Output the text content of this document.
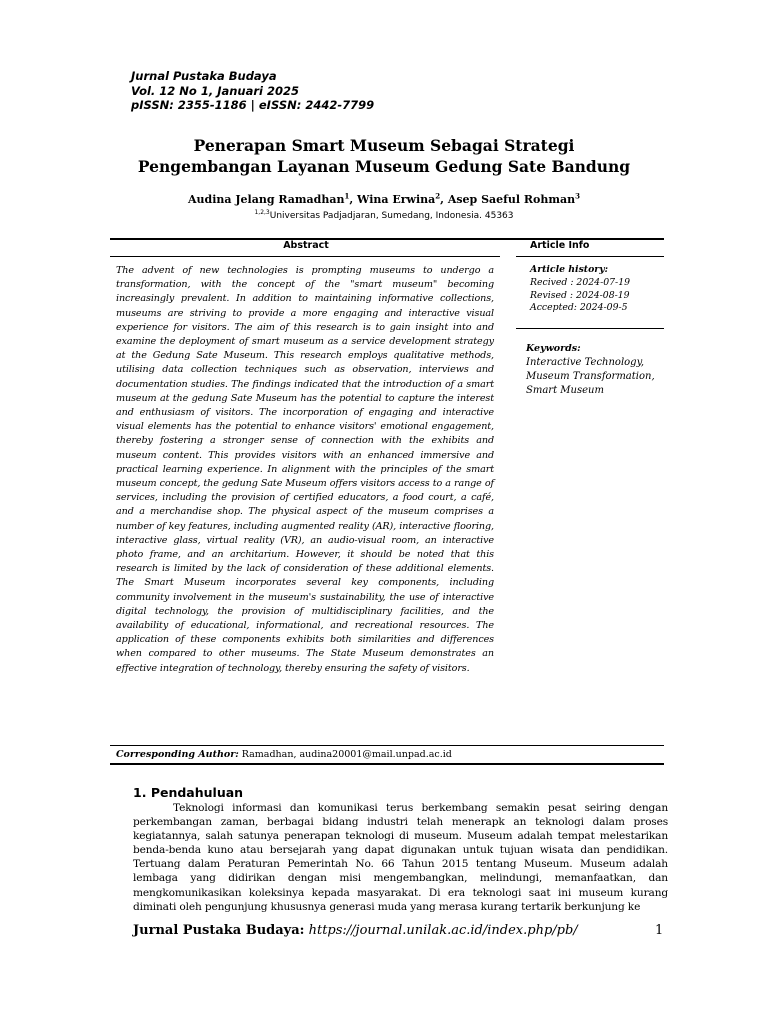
Jurnal Pustaka Budaya
Vol. 12 No 1, Januari 2025
pISSN: 2355-1186 | eISSN: 2442-7799
Penerapan Smart Museum Sebagai Strategi
Pengembangan Layanan Museum Gedung Sate Bandung
Audina Jelang Ramadhan$^1$, Wina Erwina$^2$, Asep Saeful Rohman$^3$
$^{1,2,3}$Universitas Padjadjaran, Sumedang, Indonesia. 45363
Abstract	Article Info
The advent of new technologies is prompting museums to undergo a transformation, with the concept of the "smart museum" becoming increasingly prevalent. In addition to maintaining informative collections, museums are striving to provide a more engaging and interactive visual experience for visitors. The aim of this research is to gain insight into and examine the deployment of smart museum as a service development strategy at the Gedung Sate Museum. This research employs qualitative methods, utilising data collection techniques such as observation, interviews and documentation studies. The findings indicated that the introduction of a smart museum at the gedung Sate Museum has the potential to capture the interest and enthusiasm of visitors. The incorporation of engaging and interactive visual elements has the potential to enhance visitors' emotional engagement, thereby fostering a stronger sense of connection with the exhibits and museum content. This provides visitors with an enhanced immersive and practical learning experience. In alignment with the principles of the smart museum concept, the gedung Sate Museum offers visitors access to a range of services, including the provision of certified educators, a food court, a café, and a merchandise shop. The physical aspect of the museum comprises a number of key features, including augmented reality (AR), interactive flooring, interactive glass, virtual reality (VR), an audio-visual room, an interactive photo frame, and an architarium. However, it should be noted that this research is limited by the lack of consideration of these additional elements. The Smart Museum incorporates several key components, including community involvement in the museum's sustainability, the use of interactive digital technology, the provision of multidisciplinary facilities, and the availability of educational, informational, and recreational resources. The application of these components exhibits both similarities and differences when compared to other museums. The State Museum demonstrates an effective integration of technology, thereby ensuring the safety of visitors.
Article history:
Recived : 2024-07-19
Revised : 2024-08-19
Accepted: 2024-09-5
Keywords:
Interactive Technology,
Museum Transformation,
Smart Museum
Corresponding Author: Ramadhan, audina20001@mail.unpad.ac.id
1. Pendahuluan
Teknologi informasi dan komunikasi terus berkembang semakin pesat seiring dengan perkembangan zaman, berbagai bidang industri telah menerapk an teknologi dalam proses kegiatannya, salah satunya penerapan teknologi di museum. Museum adalah tempat melestarikan benda-benda kuno atau bersejarah yang dapat digunakan untuk tujuan wisata dan pendidikan. Tertuang dalam Peraturan Pemerintah No. 66 Tahun 2015 tentang Museum. Museum adalah lembaga yang didirikan dengan misi mengembangkan, melindungi, memanfaatkan, dan mengkomunikasikan koleksinya kepada masyarakat. Di era teknologi saat ini museum kurang diminati oleh pengunjung khususnya generasi muda yang merasa kurang tertarik berkunjung ke
Jurnal Pustaka Budaya: https://journal.unilak.ac.id/index.php/pb/	1
